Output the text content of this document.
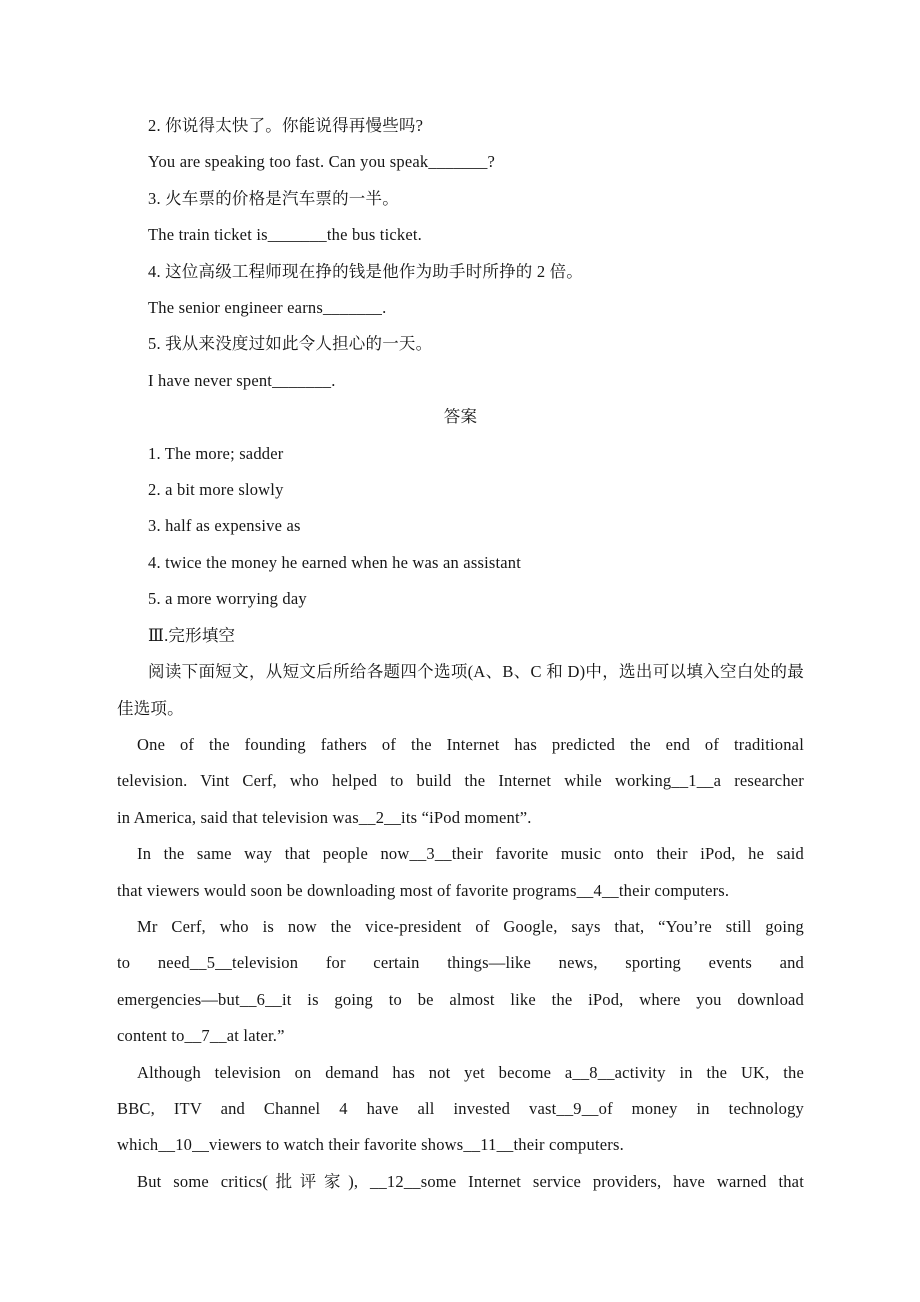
2. 你说得太快了。你能说得再慢些吗?

You are speaking too fast. Can you speak_______?

3. 火车票的价格是汽车票的一半。

The train ticket is_______the bus ticket.

4. 这位高级工程师现在挣的钱是他作为助手时所挣的 2 倍。

The senior engineer earns_______.

5. 我从来没度过如此令人担心的一天。

I have never spent_______.

答案

1. The more; sadder

2. a bit more slowly

3. half as expensive as

4. twice the money he earned when he was an assistant

5. a more worrying day

Ⅲ.完形填空

阅读下面短文，从短文后所给各题四个选项(A、B、C 和 D)中，选出可以填入空白处的最

佳选项。

One of the founding fathers of the Internet has predicted the end of traditional

television. Vint Cerf, who helped to build the Internet while working__1__a researcher

in America, said that television was__2__its “iPod moment”.

In the same way that people now__3__their favorite music onto their iPod, he said

that viewers would soon be downloading most of favorite programs__4__their computers.

Mr Cerf, who is now the vice-president of Google, says that, “You’re still going

to need__5__television for certain things—like news, sporting events and

emergencies—but__6__it is going to be almost like the iPod, where you download

content to__7__at later.”

Although television on demand has not yet become a__8__activity in the UK, the

BBC, ITV and Channel 4 have all invested vast__9__of money in technology

which__10__viewers to watch their favorite shows__11__their computers.

But some critics(批评家), __12__some Internet service providers, have warned that
